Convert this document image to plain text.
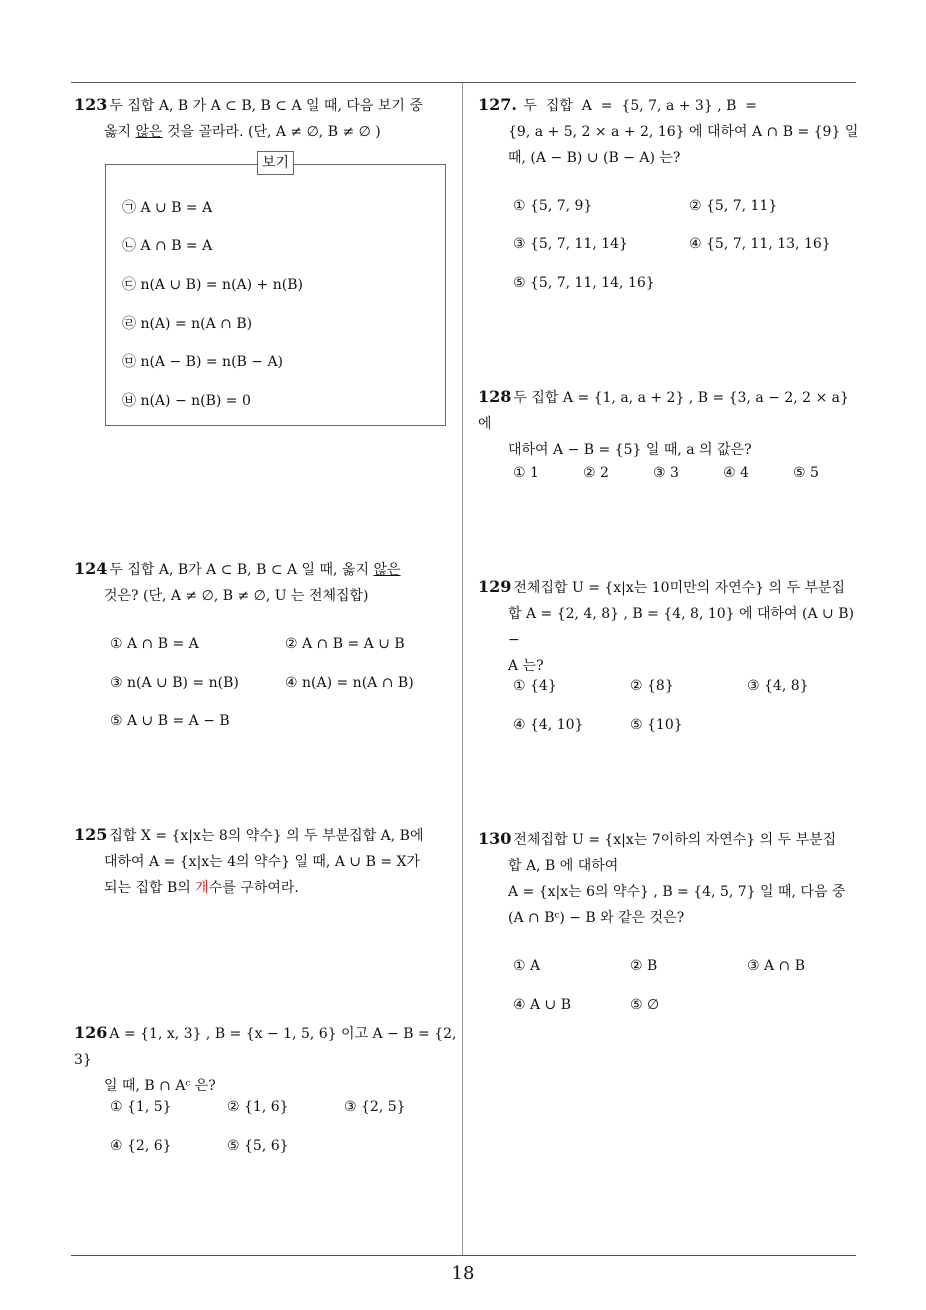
123 두 집합 A, B 가 A ⊂ B, B ⊂ A 일 때, 다음 보기 중
옳지 않은 것을 골라라. (단, A ≠ ∅, B ≠ ∅ )
보기
㉠ A ∪ B = A
㉡ A ∩ B = A
㉢ n(A ∪ B) = n(A) + n(B)
㉣ n(A) = n(A ∩ B)
㉤ n(A − B) = n(B − A)
㉥ n(A) − n(B) = 0
124 두 집합 A, B가 A ⊂ B, B ⊂ A 일 때, 옳지 않은
것은? (단, A ≠ ∅, B ≠ ∅, U 는 전체집합)
① A ∩ B = A	② A ∩ B = A ∪ B
③ n(A ∪ B) = n(B)	④ n(A) = n(A ∩ B)
⑤ A ∪ B = A − B
125 집합 X = {x|x는 8의 약수} 의 두 부분집합 A, B에
대하여 A = {x|x는 4의 약수} 일 때, A ∪ B = X가
되는 집합 B의 개수를 구하여라.
126 A = {1, x, 3} , B = {x − 1, 5, 6} 이고 A − B = {2, 3}
일 때, B ∩ Aᶜ 은?
① {1, 5}	② {1, 6}	③ {2, 5}
④ {2, 6}	⑤ {5, 6}
127. 두  집합  A  =  {5, 7, a + 3} , B  =
{9, a + 5, 2 × a + 2, 16} 에 대하여 A ∩ B = {9} 일
때, (A − B) ∪ (B − A) 는?
① {5, 7, 9}	② {5, 7, 11}
③ {5, 7, 11, 14}	④ {5, 7, 11, 13, 16}
⑤ {5, 7, 11, 14, 16}
128 두 집합 A = {1, a, a + 2} , B = {3, a − 2, 2 × a} 에
대하여 A − B = {5} 일 때, a 의 값은?
① 1	② 2	③ 3	④ 4	⑤ 5
129 전체집합 U = {x|x는 10미만의 자연수} 의 두 부분집
합 A = {2, 4, 8} , B = {4, 8, 10} 에 대하여 (A ∪ B) −
A 는?
① {4}	② {8}	③ {4, 8}
④ {4, 10}	⑤ {10}
130 전체집합 U = {x|x는 7이하의 자연수} 의 두 부분집
합 A, B 에 대하여
A = {x|x는 6의 약수} , B = {4, 5, 7} 일 때, 다음 중
(A ∩ Bᶜ) − B 와 같은 것은?
① A	② B	③ A ∩ B
④ A ∪ B	⑤ ∅
18
